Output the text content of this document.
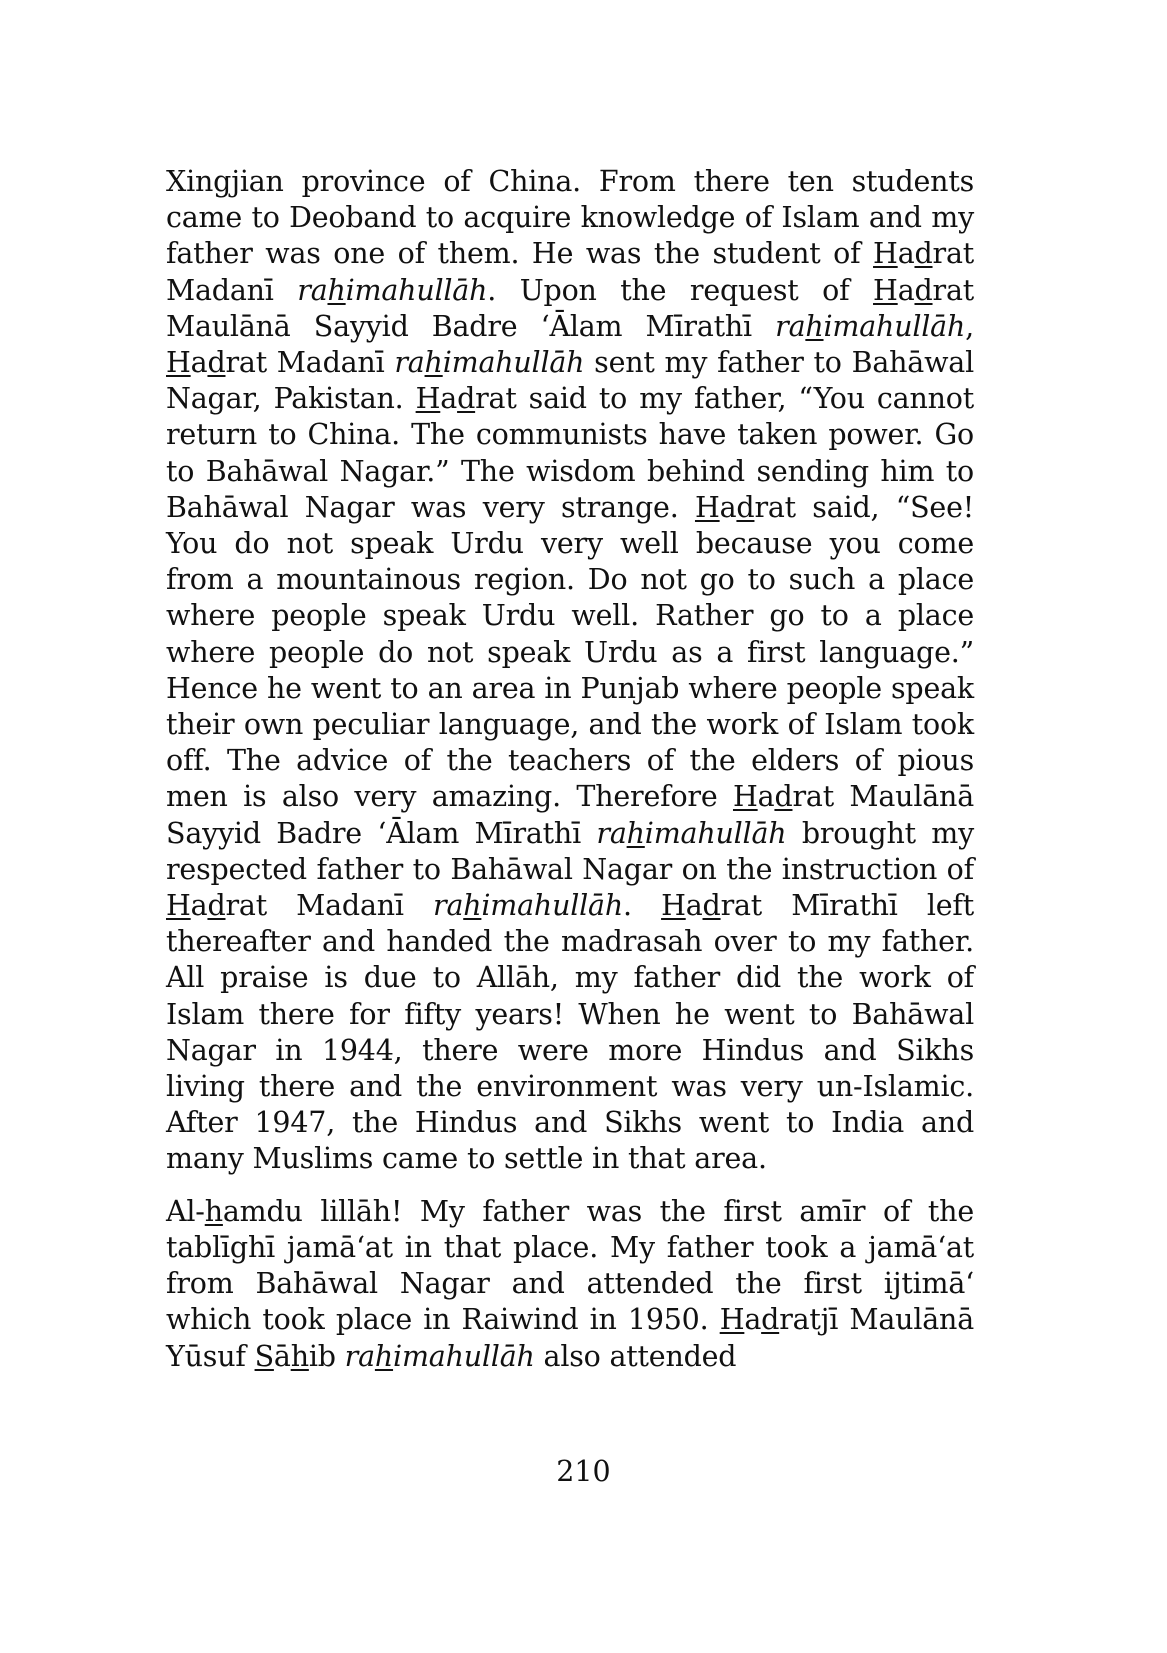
Xingjian province of China. From there ten students came to Deoband to acquire knowledge of Islam and my father was one of them. He was the student of Hadrat Madanī rahimahullāh. Upon the request of Hadrat Maulānā Sayyid Badre ‘Ālam Mīrathī rahimahullāh, Hadrat Madanī rahimahullāh sent my father to Bahāwal Nagar, Pakistan. Hadrat said to my father, “You cannot return to China. The communists have taken power. Go to Bahāwal Nagar.” The wisdom behind sending him to Bahāwal Nagar was very strange. Hadrat said, “See! You do not speak Urdu very well because you come from a mountainous region. Do not go to such a place where people speak Urdu well. Rather go to a place where people do not speak Urdu as a first language.” Hence he went to an area in Punjab where people speak their own peculiar language, and the work of Islam took off. The advice of the teachers of the elders of pious men is also very amazing. Therefore Hadrat Maulānā Sayyid Badre ‘Ālam Mīrathī rahimahullāh brought my respected father to Bahāwal Nagar on the instruction of Hadrat Madanī rahimahullāh. Hadrat Mīrathī left thereafter and handed the madrasah over to my father. All praise is due to Allāh, my father did the work of Islam there for fifty years! When he went to Bahāwal Nagar in 1944, there were more Hindus and Sikhs living there and the environment was very un-Islamic. After 1947, the Hindus and Sikhs went to India and many Muslims came to settle in that area.

Al-hamdu lillāh! My father was the first amīr of the tablīghī jamā‘at in that place. My father took a jamā‘at from Bahāwal Nagar and attended the first ijtimā‘ which took place in Raiwind in 1950. Hadratjī Maulānā Yūsuf Sāhib rahimahullāh also attended

210
